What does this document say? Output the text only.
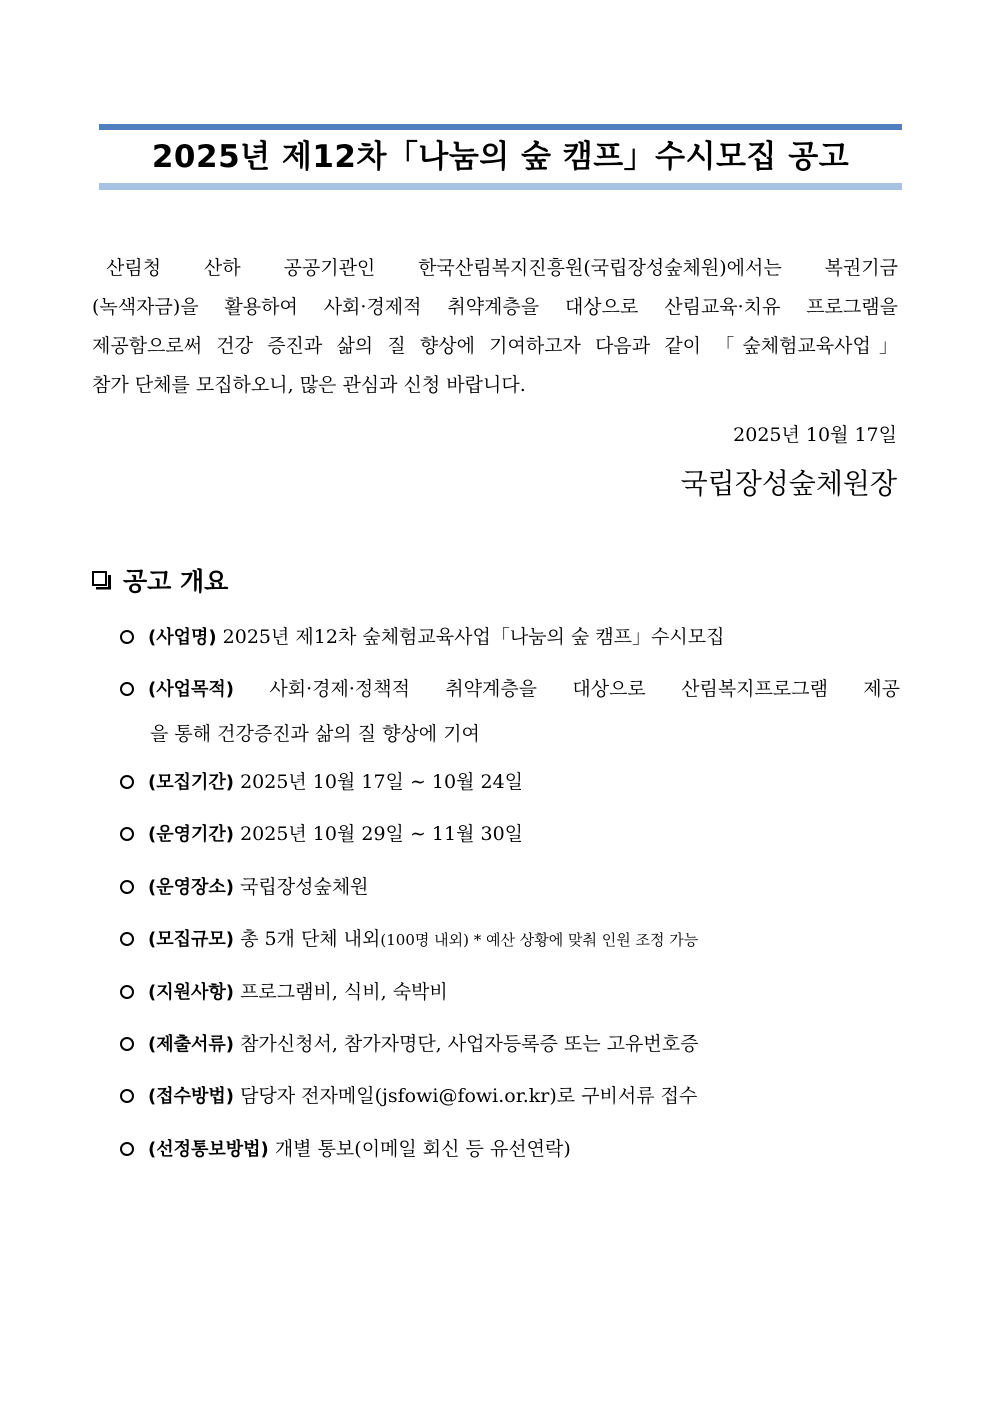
2025년 제12차「나눔의 숲 캠프」수시모집 공고
산림청 산하 공공기관인 한국산림복지진흥원(국립장성숲체원)에서는 복권기금
(녹색자금)을 활용하여 사회·경제적 취약계층을 대상으로 산림교육·치유 프로그램을
제공함으로써 건강 증진과 삶의 질 향상에 기여하고자 다음과 같이 「숲체험교육사업」
참가 단체를 모집하오니, 많은 관심과 신청 바랍니다.
2025년 10월 17일
국립장성숲체원장
공고 개요
(사업명) 2025년 제12차 숲체험교육사업「나눔의 숲 캠프」수시모집
(사업목적) 사회·경제·정책적 취약계층을 대상으로 산림복지프로그램 제공
을 통해 건강증진과 삶의 질 향상에 기여
(모집기간) 2025년 10월 17일 ∼ 10월 24일
(운영기간) 2025년 10월 29일 ∼ 11월 30일
(운영장소) 국립장성숲체원
(모집규모) 총 5개 단체 내외(100명 내외) * 예산 상황에 맞춰 인원 조정 가능
(지원사항) 프로그램비, 식비, 숙박비
(제출서류) 참가신청서, 참가자명단, 사업자등록증 또는 고유번호증
(접수방법) 담당자 전자메일(jsfowi@fowi.or.kr)로 구비서류 접수
(선정통보방법) 개별 통보(이메일 회신 등 유선연락)
